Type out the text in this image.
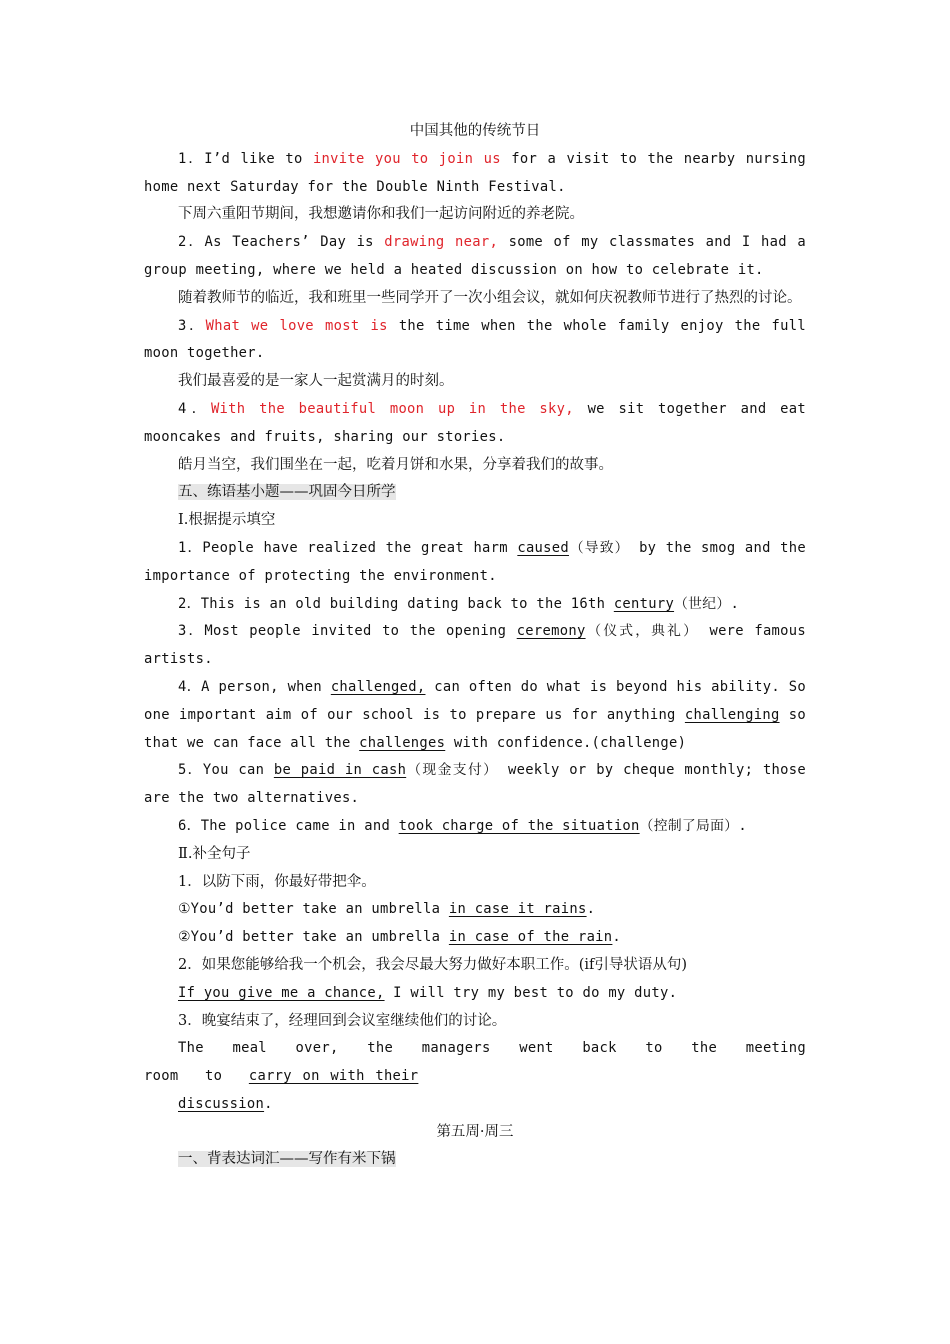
中国其他的传统节日

1．I’d like to invite you to join us for a visit to the nearby nursing home next Saturday for the Double Ninth Festival.

下周六重阳节期间，我想邀请你和我们一起访问附近的养老院。

2．As Teachers’ Day is drawing near, some of my classmates and I had a group meeting, where we held a heated discussion on how to celebrate it.

随着教师节的临近，我和班里一些同学开了一次小组会议，就如何庆祝教师节进行了热烈的讨论。

3．What we love most is the time when the whole family enjoy the full moon together.

我们最喜爱的是一家人一起赏满月的时刻。

4．With the beautiful moon up in the sky, we sit together and eat mooncakes and fruits, sharing our stories.

皓月当空，我们围坐在一起，吃着月饼和水果，分享着我们的故事。

五、练语基小题——巩固今日所学

Ⅰ.根据提示填空

1．People have realized the great harm caused（导致） by the smog and the importance of protecting the environment.

2．This is an old building dating back to the 16th century（世纪）.

3．Most people invited to the opening ceremony（仪式，典礼） were famous artists.

4．A person, when challenged, can often do what is beyond his ability. So one important aim of our school is to prepare us for anything challenging so that we can face all the challenges with confidence.(challenge)

5．You can be paid in cash（现金支付） weekly or by cheque monthly; those are the two alternatives.

6．The police came in and took charge of the situation（控制了局面）.

Ⅱ.补全句子

1．以防下雨，你最好带把伞。

①You’d better take an umbrella in case it rains.

②You’d better take an umbrella in case of the rain.

2．如果您能够给我一个机会，我会尽最大努力做好本职工作。(if引导状语从句)

If you give me a chance, I will try my best to do my duty.

3．晚宴结束了，经理回到会议室继续他们的讨论。

The meal over, the managers went back to the meeting room to carry on with their

discussion.

第五周·周三

一、背表达词汇——写作有米下锅
